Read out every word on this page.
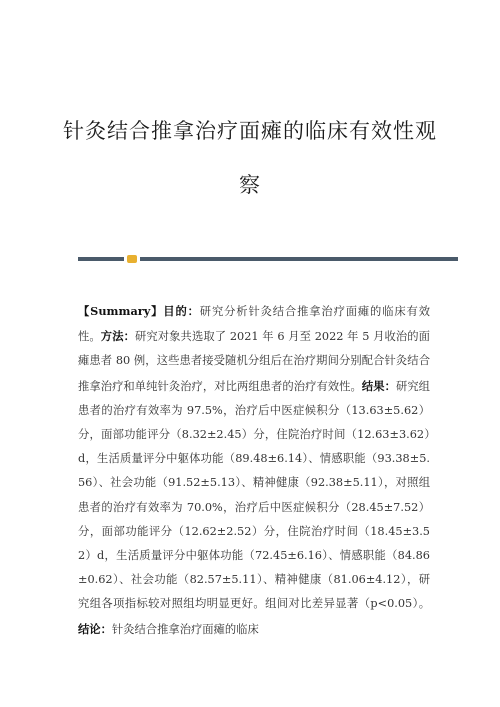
针灸结合推拿治疗面瘫的临床有效性观
察
【Summary】目的：研究分析针灸结合推拿治疗面瘫的临床有效性。方法：研究对象共选取了 2021 年 6 月至 2022 年 5 月收治的面瘫患者 80 例，这些患者接受随机分组后在治疗期间分别配合针灸结合推拿治疗和单纯针灸治疗，对比两组患者的治疗有效性。结果：研究组患者的治疗有效率为 97.5%，治疗后中医症候积分（13.63±5.62）分，面部功能评分（8.32±2.45）分，住院治疗时间（12.63±3.62）d，生活质量评分中躯体功能（89.48±6.14）、情感职能（93.38±5.56）、社会功能（91.52±5.13）、精神健康（92.38±5.11），对照组患者的治疗有效率为 70.0%，治疗后中医症候积分（28.45±7.52）分，面部功能评分（12.62±2.52）分，住院治疗时间（18.45±3.52）d，生活质量评分中躯体功能（72.45±6.16）、情感职能（84.86±0.62）、社会功能（82.57±5.11）、精神健康（81.06±4.12），研究组各项指标较对照组均明显更好。组间对比差异显著（p<0.05）。结论：针灸结合推拿治疗面瘫的临床
